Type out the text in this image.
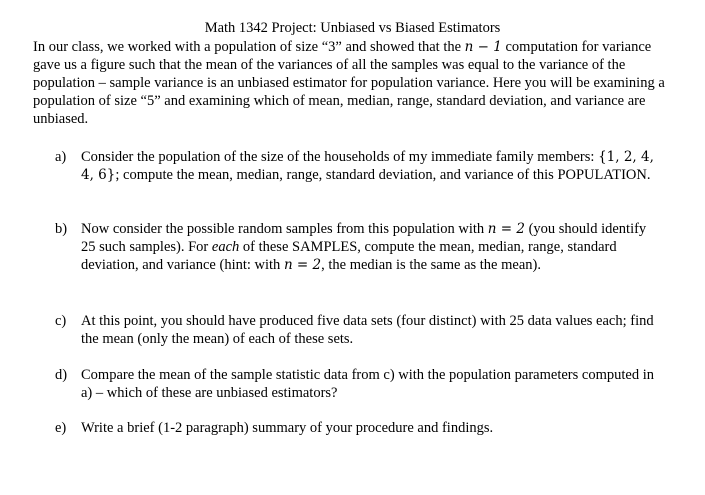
Math 1342 Project: Unbiased vs Biased Estimators

In our class, we worked with a population of size “3” and showed that the n − 1 computation for variance gave us a figure such that the mean of the variances of all the samples was equal to the variance of the population – sample variance is an unbiased estimator for population variance. Here you will be examining a population of size “5” and examining which of mean, median, range, standard deviation, and variance are unbiased.

a)	Consider the population of the size of the households of my immediate family members: {1, 2, 4, 4, 6}; compute the mean, median, range, standard deviation, and variance of this POPULATION.
b) Now consider the possible random samples from this population with n = 2 (you should identify 25 such samples). For each of these SAMPLES, compute the mean, median, range, standard deviation, and variance (hint: with n = 2, the median is the same as the mean).
c)	At this point, you should have produced five data sets (four distinct) with 25 data values each; find the mean (only the mean) of each of these sets.
d) Compare the mean of the sample statistic data from c) with the population parameters computed in a) – which of these are unbiased estimators?
e)	Write a brief (1-2 paragraph) summary of your procedure and findings.
